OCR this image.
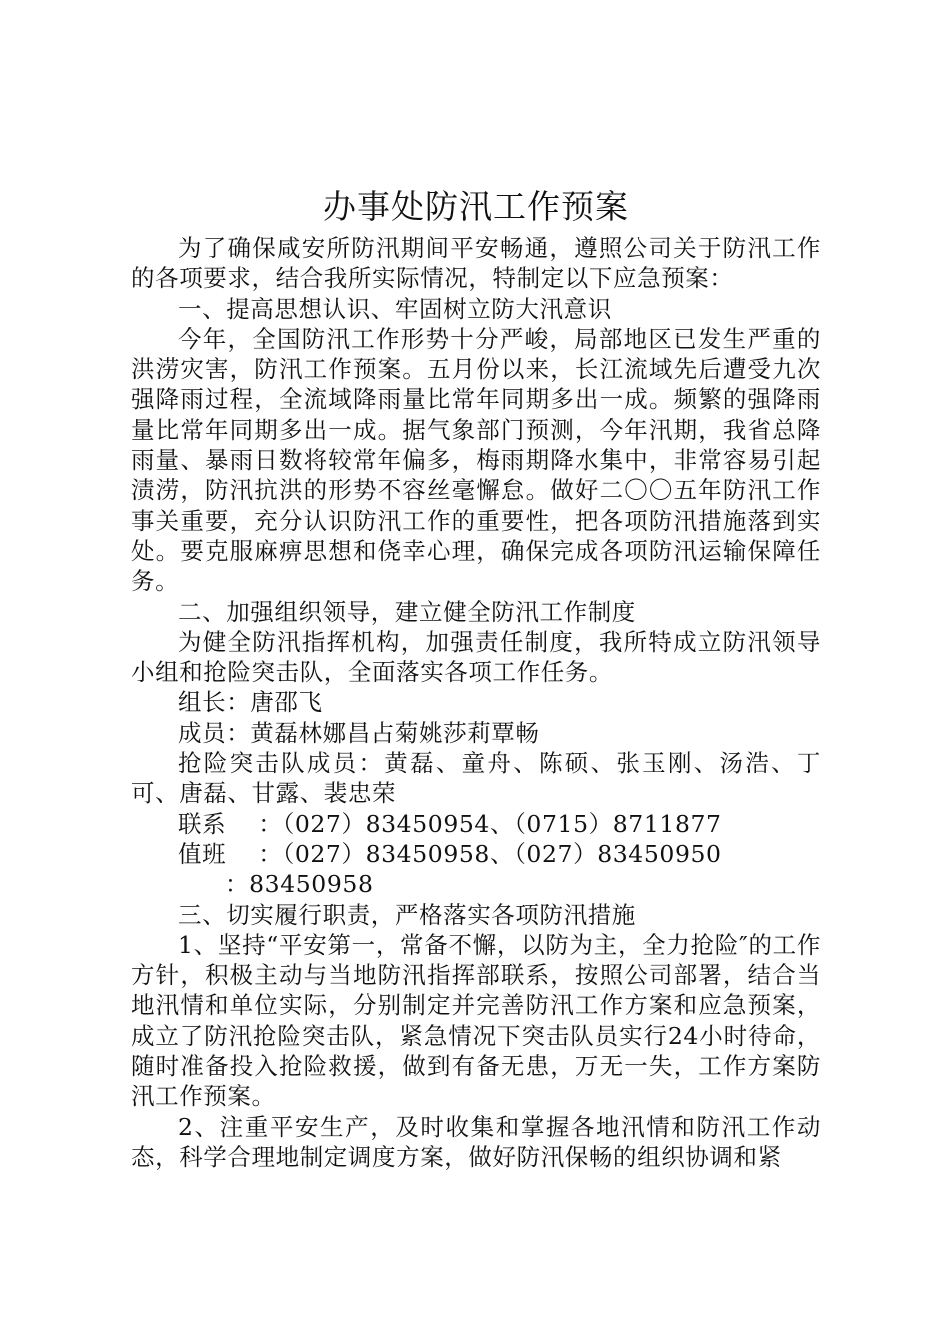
办事处防汛工作预案

为了确保咸安所防汛期间平安畅通，遵照公司关于防汛工作的各项要求，结合我所实际情况，特制定以下应急预案：

一、提高思想认识、牢固树立防大汛意识

今年，全国防汛工作形势十分严峻，局部地区已发生严重的洪涝灾害，防汛工作预案。五月份以来，长江流域先后遭受九次强降雨过程，全流域降雨量比常年同期多出一成。频繁的强降雨量比常年同期多出一成。据气象部门预测，今年汛期，我省总降雨量、暴雨日数将较常年偏多，梅雨期降水集中，非常容易引起渍涝，防汛抗洪的形势不容丝毫懈怠。做好二〇〇五年防汛工作事关重要，充分认识防汛工作的重要性，把各项防汛措施落到实处。要克服麻痹思想和侥幸心理，确保完成各项防汛运输保障任务。

二、加强组织领导，建立健全防汛工作制度

为健全防汛指挥机构，加强责任制度，我所特成立防汛领导小组和抢险突击队，全面落实各项工作任务。

组长：唐邵飞

成员：黄磊林娜昌占菊姚莎莉覃畅

抢险突击队成员：黄磊、童舟、陈硕、张玉刚、汤浩、丁可、唐磊、甘露、裴忠荣

联系　 ：（027）83450954、（0715）8711877

值班　 ：（027）83450958、（027）83450950

：83450958

三、切实履行职责，严格落实各项防汛措施

1、坚持“平安第一，常备不懈，以防为主，全力抢险″的工作方针，积极主动与当地防汛指挥部联系，按照公司部署，结合当地汛情和单位实际，分别制定并完善防汛工作方案和应急预案，成立了防汛抢险突击队，紧急情况下突击队员实行24小时待命，随时准备投入抢险救援，做到有备无患，万无一失，工作方案防汛工作预案。

2、注重平安生产，及时收集和掌握各地汛情和防汛工作动态，科学合理地制定调度方案，做好防汛保畅的组织协调和紧
